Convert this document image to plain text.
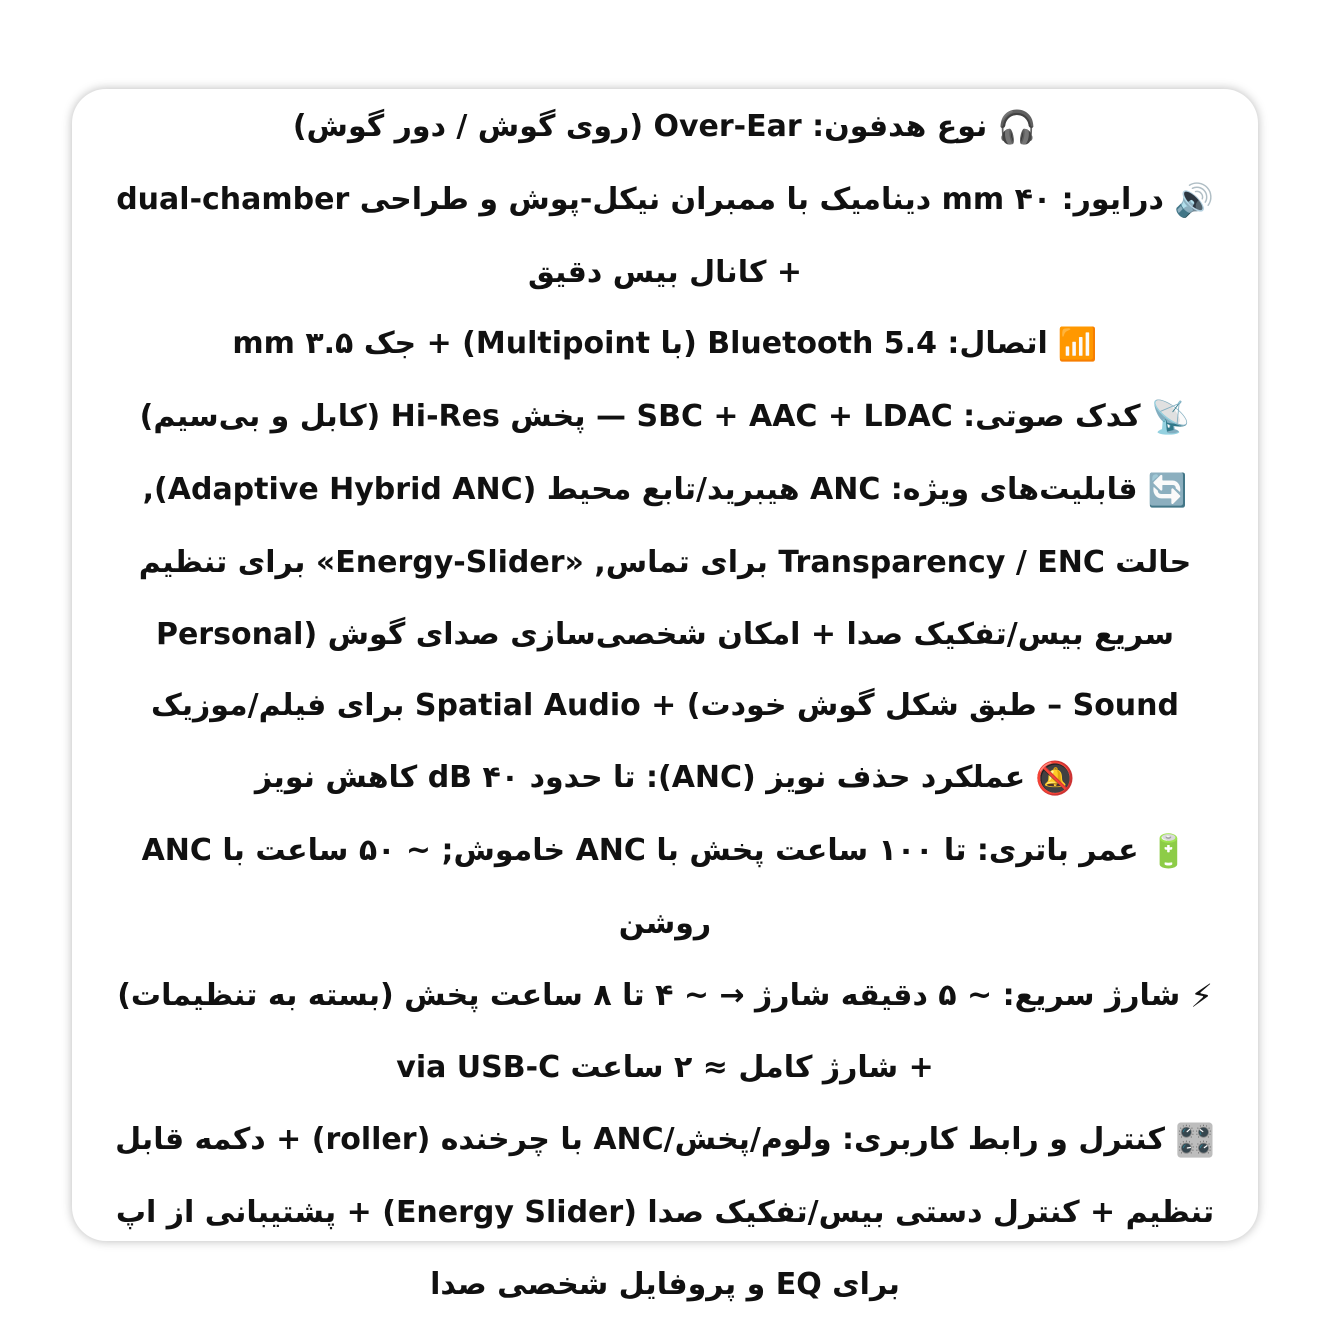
🎧نوع هدفون: Over-Ear (روی گوش / دور گوش)

🔊درایور: ۴۰ mm دینامیک با ممبران نیکل-پوش و طراحی dual-chamber + کانال بیس دقیق

📶اتصال: Bluetooth 5.4 (با Multipoint) + جک ۳.۵ mm

📡کدک صوتی: SBC + AAC + LDAC — پخش Hi-Res (کابل و بی‌سیم)

🔄قابلیت‌های ویژه: ANC هیبرید/تابع محیط (Adaptive Hybrid ANC), حالت Transparency / ENC برای تماس, «Energy-Slider» برای تنظیم سریع بیس/تفکیک صدا + امکان شخصی‌سازی صدای گوش (Personal Sound – طبق شکل گوش خودت) + Spatial Audio برای فیلم/موزیک

🔕عملکرد حذف نویز (ANC): تا حدود ۴۰ dB کاهش نویز

🔋عمر باتری: تا ۱۰۰ ساعت پخش با ANC خاموش; ~ ۵۰ ساعت با ANC روشن

⚡شارژ سریع: ~ ۵ دقیقه شارژ → ~ ۴ تا ۸ ساعت پخش (بسته به تنظیمات) + شارژ کامل ≈ ۲ ساعت via USB-C

🎛️کنترل و رابط کاربری: ولوم/پخش/ANC با چرخنده (roller) + دکمه قابل تنظیم + کنترل دستی بیس/تفکیک صدا (Energy Slider) + پشتیبانی از اپ برای EQ و پروفایل شخصی صدا
